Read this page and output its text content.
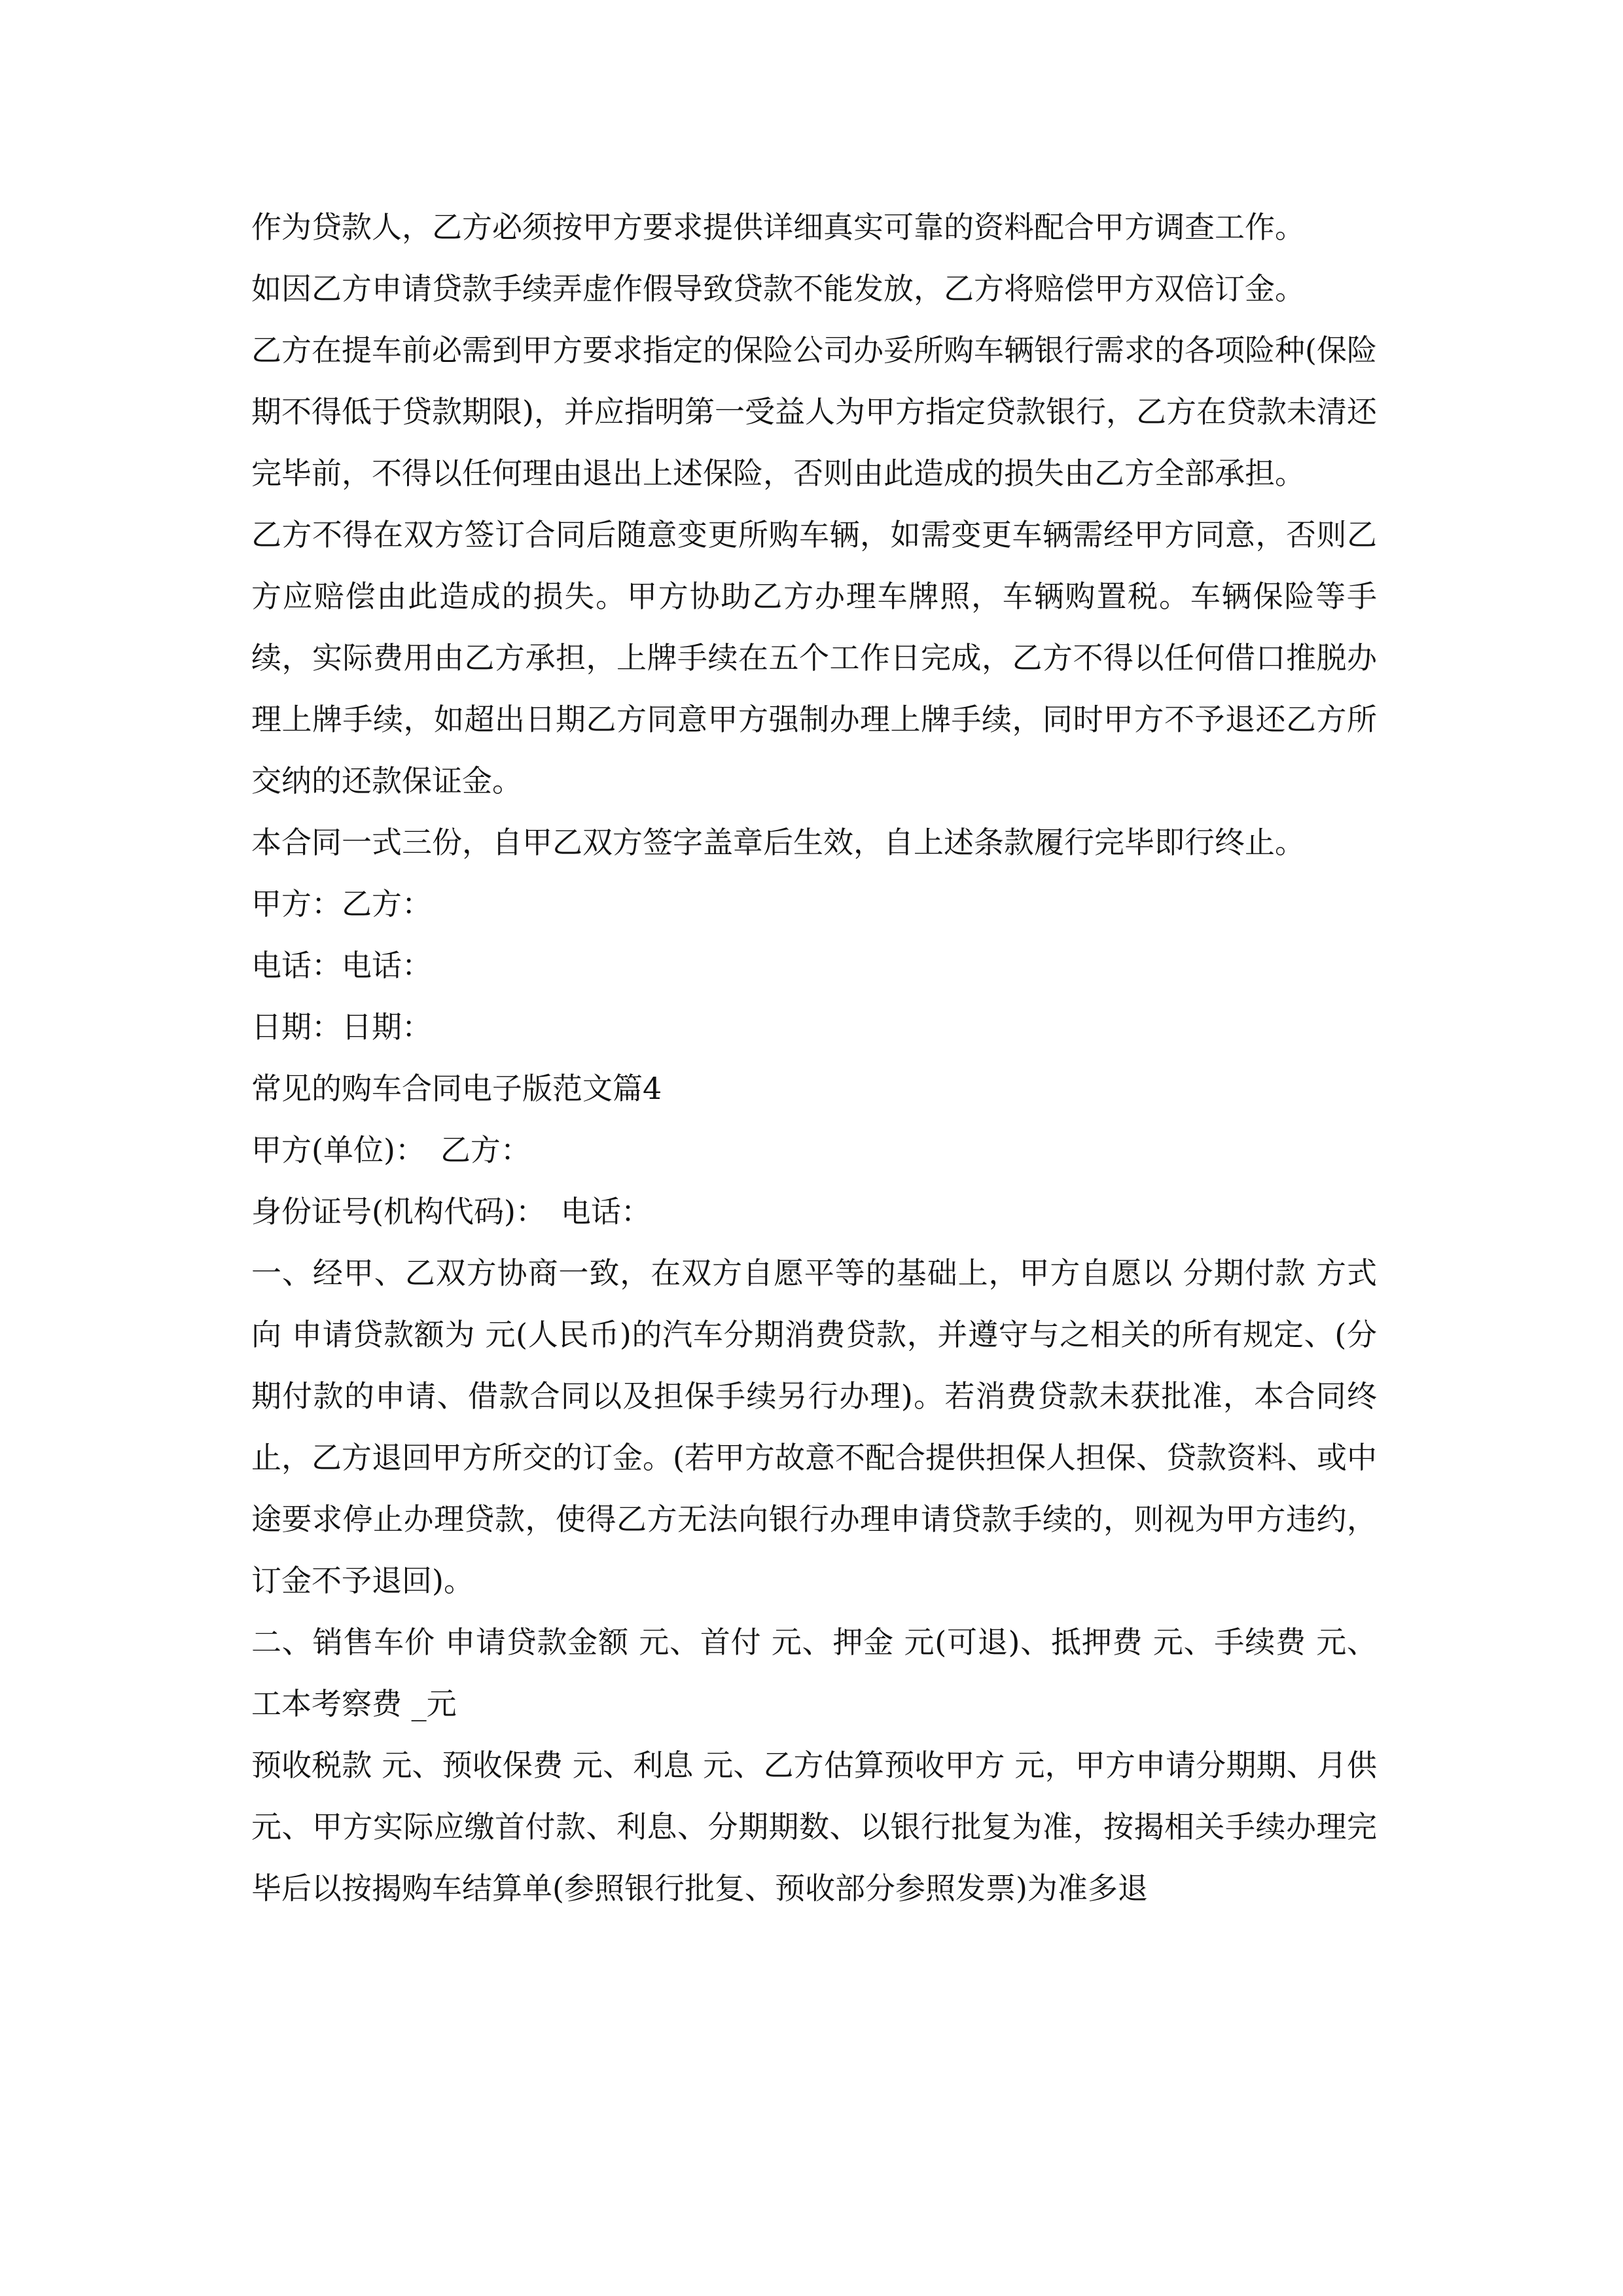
作为贷款人，乙方必须按甲方要求提供详细真实可靠的资料配合甲方调查工作。

如因乙方申请贷款手续弄虚作假导致贷款不能发放，乙方将赔偿甲方双倍订金。

乙方在提车前必需到甲方要求指定的保险公司办妥所购车辆银行需求的各项险种(保险期不得低于贷款期限)，并应指明第一受益人为甲方指定贷款银行，乙方在贷款未清还完毕前，不得以任何理由退出上述保险，否则由此造成的损失由乙方全部承担。

乙方不得在双方签订合同后随意变更所购车辆，如需变更车辆需经甲方同意，否则乙方应赔偿由此造成的损失。甲方协助乙方办理车牌照，车辆购置税。车辆保险等手续，实际费用由乙方承担，上牌手续在五个工作日完成，乙方不得以任何借口推脱办理上牌手续，如超出日期乙方同意甲方强制办理上牌手续，同时甲方不予退还乙方所交纳的还款保证金。

本合同一式三份，自甲乙双方签字盖章后生效，自上述条款履行完毕即行终止。

甲方：乙方：

电话：电话：

日期：日期：

常见的购车合同电子版范文篇4

甲方(单位)：　乙方：

身份证号(机构代码)：　电话：

一、经甲、乙双方协商一致，在双方自愿平等的基础上，甲方自愿以 分期付款 方式向 申请贷款额为 元(人民币)的汽车分期消费贷款，并遵守与之相关的所有规定、(分期付款的申请、借款合同以及担保手续另行办理)。若消费贷款未获批准，本合同终止，乙方退回甲方所交的订金。(若甲方故意不配合提供担保人担保、贷款资料、或中途要求停止办理贷款，使得乙方无法向银行办理申请贷款手续的，则视为甲方违约，订金不予退回)。

二、销售车价 申请贷款金额 元、首付 元、押金 元(可退)、抵押费 元、手续费 元、工本考察费 _元

预收税款 元、预收保费 元、利息 元、乙方估算预收甲方 元，甲方申请分期期、月供 元、甲方实际应缴首付款、利息、分期期数、以银行批复为准，按揭相关手续办理完毕后以按揭购车结算单(参照银行批复、预收部分参照发票)为准多退
